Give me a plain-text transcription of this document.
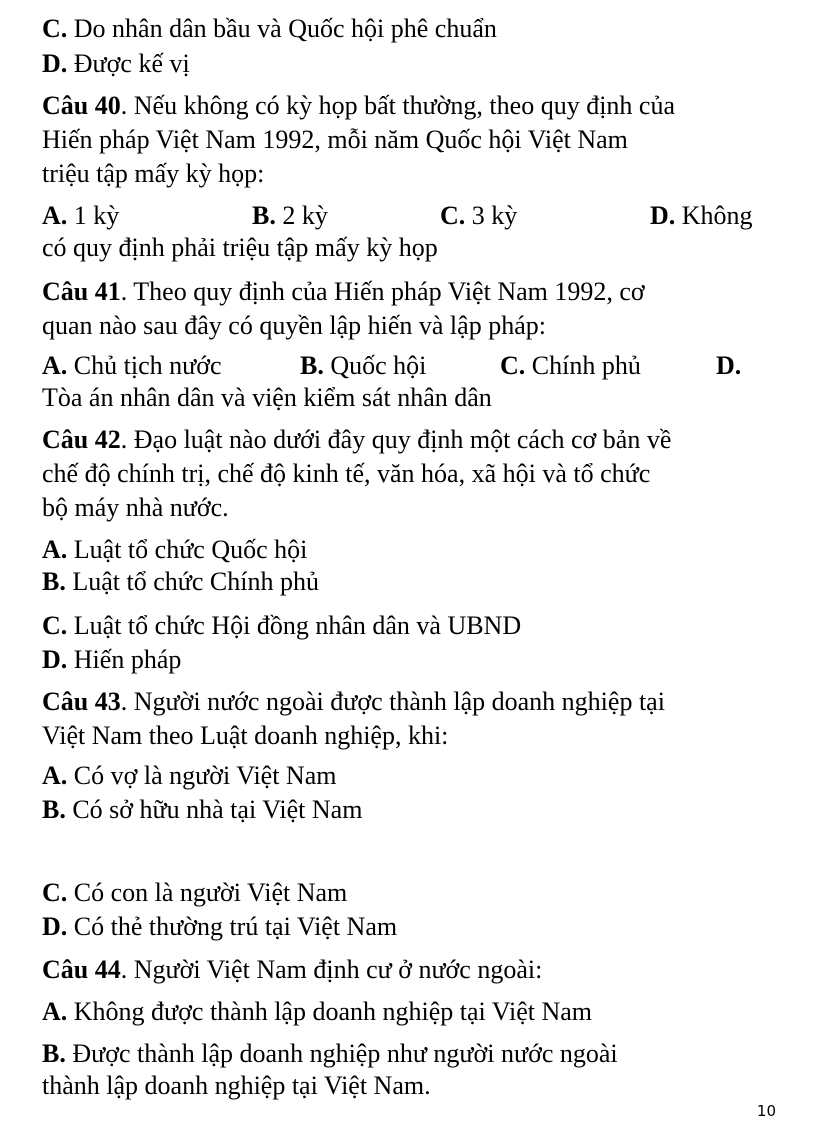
C. Do nhân dân bầu và Quốc hội phê chuẩn
D. Được kế vị
Câu 40. Nếu không có kỳ họp bất thường, theo quy định của
Hiến pháp Việt Nam 1992, mỗi năm Quốc hội Việt Nam
triệu tập mấy kỳ họp:
A. 1 kỳ	B. 2 kỳ	C. 3 kỳ	D. Không
có quy định phải triệu tập mấy kỳ họp
Câu 41. Theo quy định của Hiến pháp Việt Nam 1992, cơ
quan nào sau đây có quyền lập hiến và lập pháp:
A. Chủ tịch nước	B. Quốc hội	C. Chính phủ	D.
Tòa án nhân dân và viện kiểm sát nhân dân
Câu 42. Đạo luật nào dưới đây quy định một cách cơ bản về
chế độ chính trị, chế độ kinh tế, văn hóa, xã hội và tổ chức
bộ máy nhà nước.
A. Luật tổ chức Quốc hội
B. Luật tổ chức Chính phủ
C. Luật tổ chức Hội đồng nhân dân và UBND
D. Hiến pháp
Câu 43. Người nước ngoài được thành lập doanh nghiệp tại
Việt Nam theo Luật doanh nghiệp, khi:
A. Có vợ là người Việt Nam
B. Có sở hữu nhà tại Việt Nam
C. Có con là người Việt Nam
D. Có thẻ thường trú tại Việt Nam
Câu 44. Người Việt Nam định cư ở nước ngoài:
A. Không được thành lập doanh nghiệp tại Việt Nam
B. Được thành lập doanh nghiệp như người nước ngoài
thành lập doanh nghiệp tại Việt Nam.
10
